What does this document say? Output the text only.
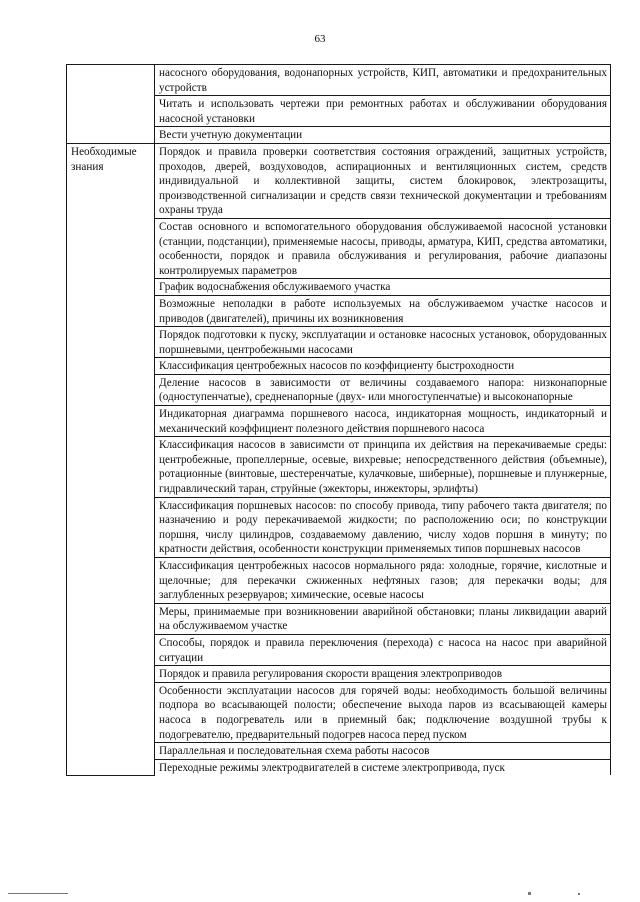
63
	насосного оборудования, водонапорных устройств, КИП, автоматики и предохранительных устройств
	Читать и использовать чертежи при ремонтных работах и обслуживании оборудования насосной установки
	Вести учетную документации
Необходимые знания	Порядок и правила проверки соответствия состояния ограждений, защитных устройств, проходов, дверей, воздуховодов, аспирационных и вентиляционных систем, средств индивидуальной и коллективной защиты, систем блокировок, электрозащиты, производственной сигнализации и средств связи технической документации и требованиям охраны труда
	Состав основного и вспомогательного оборудования обслуживаемой насосной установки (станции, подстанции), применяемые насосы, приводы, арматура, КИП, средства автоматики, особенности, порядок и правила обслуживания и регулирования, рабочие диапазоны контролируемых параметров
	График водоснабжения обслуживаемого участка
	Возможные неполадки в работе используемых на обслуживаемом участке насосов и приводов (двигателей), причины их возникновения
	Порядок подготовки к пуску, эксплуатации и остановке насосных установок, оборудованных поршневыми, центробежными насосами
	Классификация центробежных насосов по коэффициенту быстроходности
	Деление насосов в зависимости от величины создаваемого напора: низконапорные (одноступенчатые), средненапорные (двух- или многоступенчатые) и высоконапорные
	Индикаторная диаграмма поршневого насоса, индикаторная мощность, индикаторный и механический коэффициент полезного действия поршневого насоса
	Классификация насосов в зависимсти от принципа их действия на перекачиваемые среды: центробежные, пропеллерные, осевые, вихревые; непосредственного действия (объемные), ротационные (винтовые, шестеренчатые, кулачковые, шиберные), поршневые и плунжерные, гидравлический таран, струйные (эжекторы, инжекторы, эрлифты)
	Классификация поршневых насосов: по способу привода, типу рабочего такта двигателя; по назначению и роду перекачиваемой жидкости; по расположению оси; по конструкции поршня, числу цилиндров, создаваемому давлению, числу ходов поршня в минуту; по кратности действия, особенности конструкции применяемых типов поршневых насосов
	Классификация центробежных насосов нормального ряда: холодные, горячие, кислотные и щелочные; для перекачки сжиженных нефтяных газов; для перекачки воды; для заглубленных резервуаров; химические, осевые насосы
	Меры, принимаемые при возникновении аварийной обстановки; планы ликвидации аварий на обслуживаемом участке
	Способы, порядок и правила переключения (перехода) с насоса на насос при аварийной ситуации
	Порядок и правила регулирования скорости вращения электроприводов
	Особенности эксплуатации насосов для горячей воды: необходимость большой величины подпора во всасывающей полости; обеспечение выхода паров из всасывающей камеры насоса в подогреватель или в приемный бак; подключение воздушной трубы к подогревателю, предварительный подогрев насоса перед пуском
	Параллельная и последовательная схема работы насосов
	Переходные режимы электродвигателей в системе электропривода, пуск
